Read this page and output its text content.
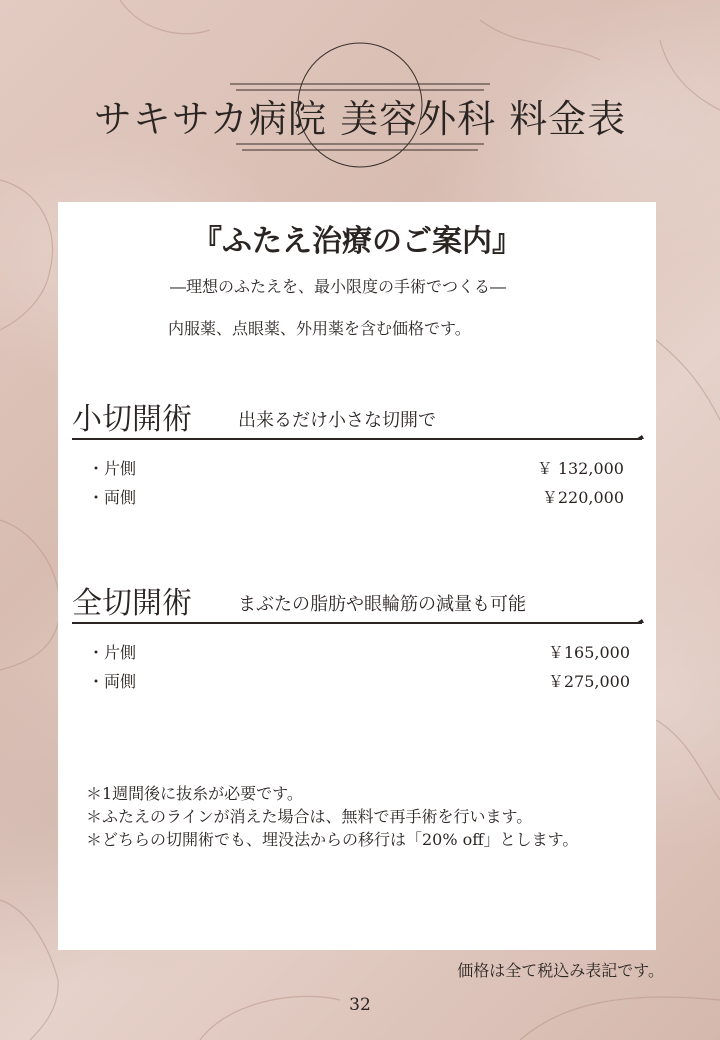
サキサカ病院 美容外科 料金表
『ふたえ治療のご案内』
―理想のふたえを、最小限度の手術でつくる―
内服薬、点眼薬、外用薬を含む価格です。
小切開術	出来るだけ小さな切開で
・片側	￥ 132,000
・両側	￥220,000
全切開術	まぶたの脂肪や眼輪筋の減量も可能
・片側	￥165,000
・両側	￥275,000
＊1週間後に抜糸が必要です。
＊ふたえのラインが消えた場合は、無料で再手術を行います。
＊どちらの切開術でも、埋没法からの移行は「20% off」とします。
価格は全て税込み表記です。
32
